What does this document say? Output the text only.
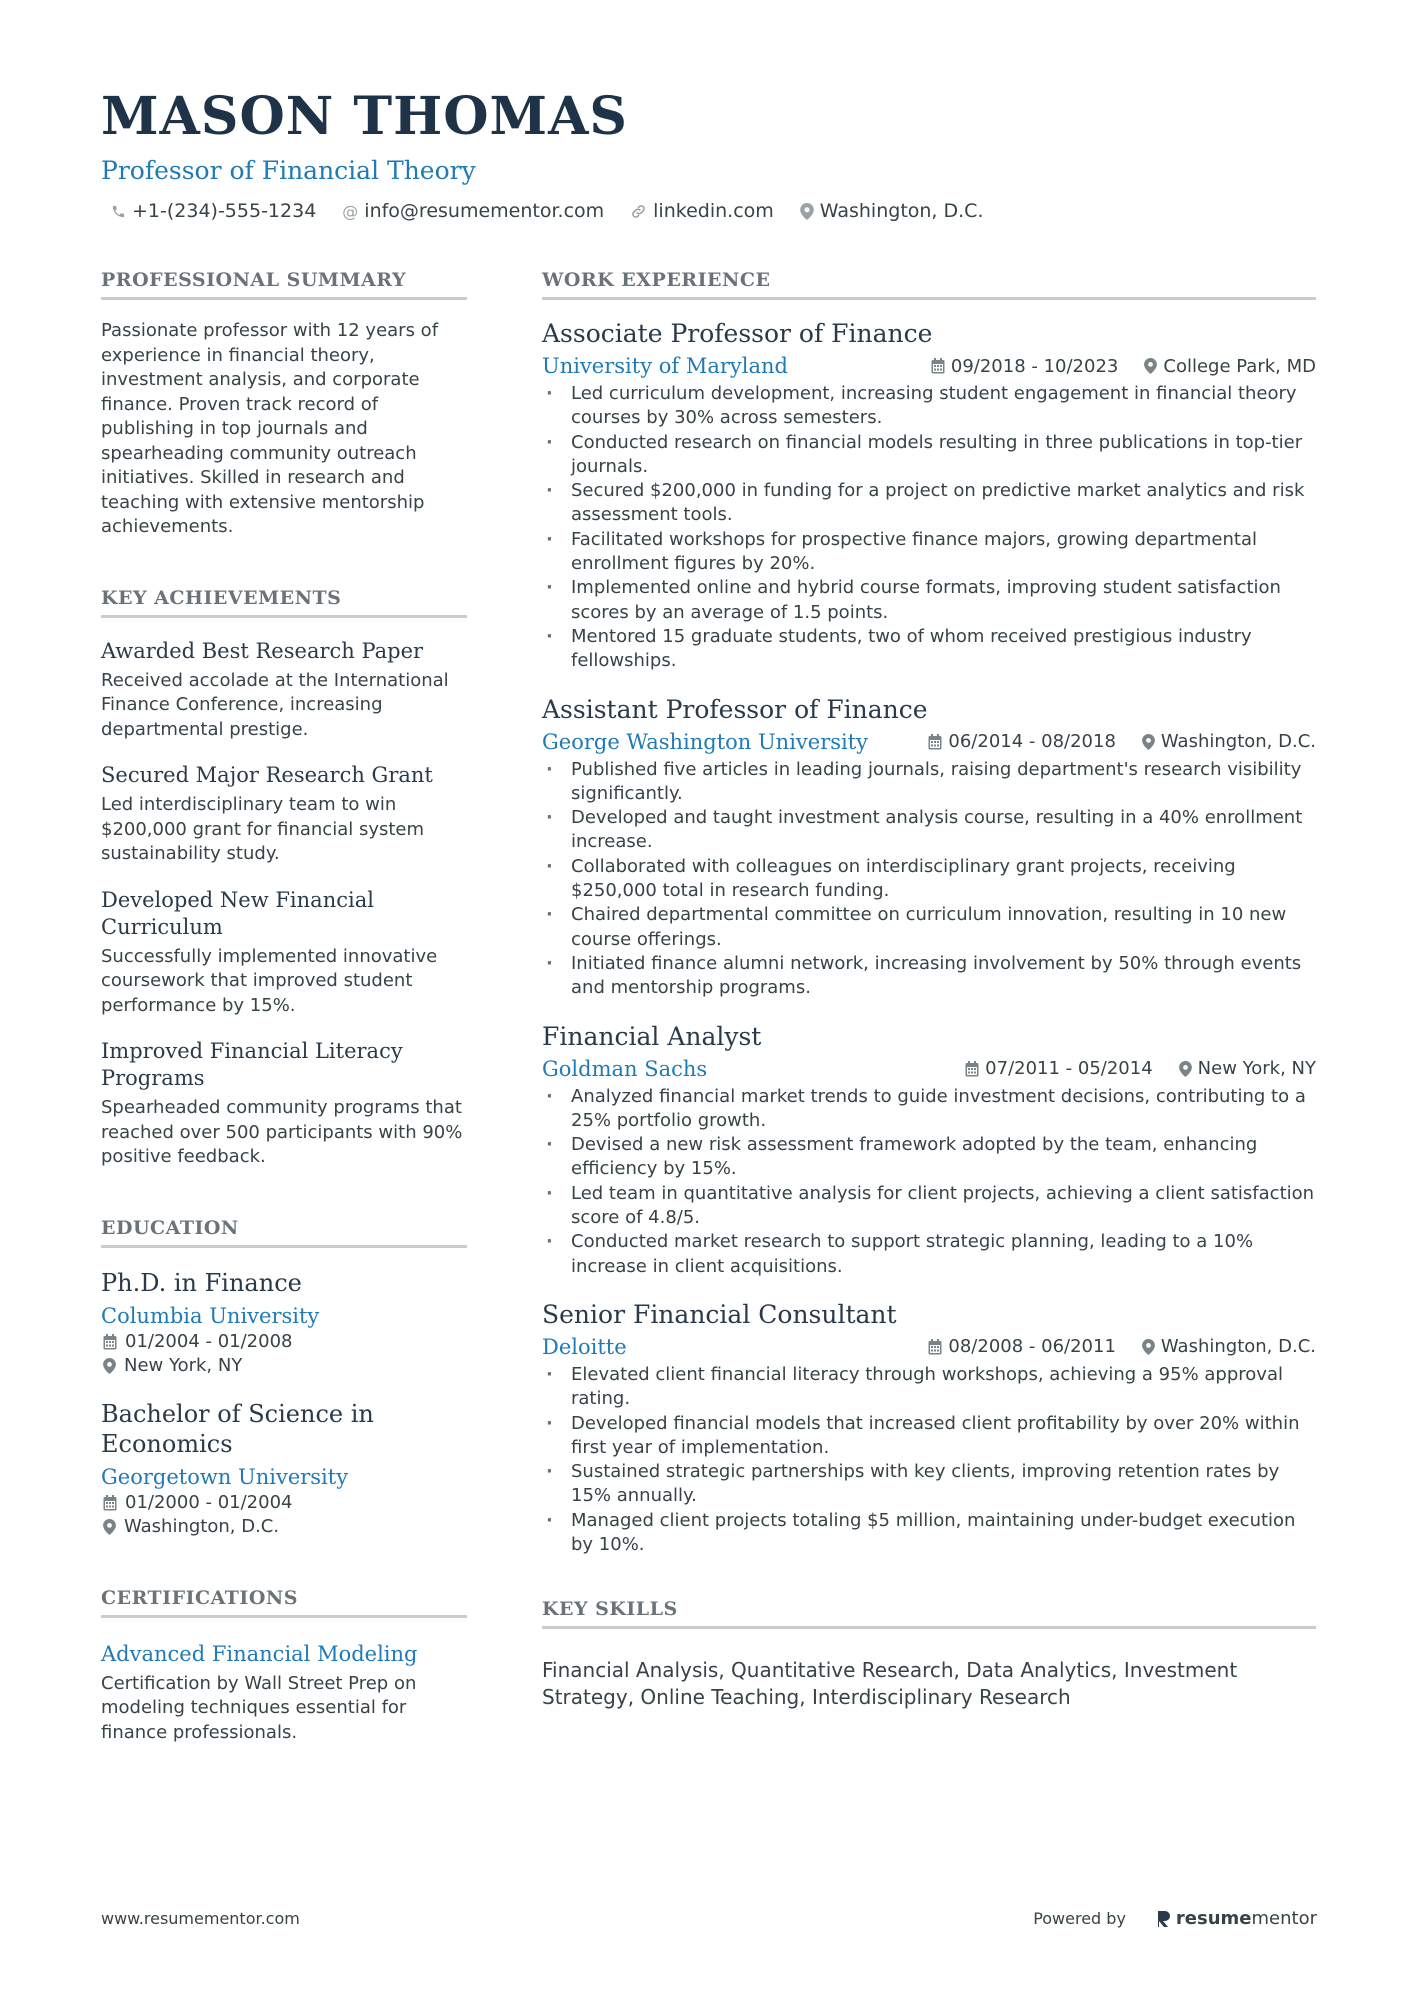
MASON THOMAS
Professor of Financial Theory
+1-(234)-555-1234 @ info@resumementor.com	linkedin.com Washington, D.C.
PROFESSIONAL SUMMARY
Passionate professor with 12 years of experience in financial theory, investment analysis, and corporate finance. Proven track record of publishing in top journals and spearheading community outreach initiatives. Skilled in research and teaching with extensive mentorship achievements.
KEY ACHIEVEMENTS
Awarded Best Research Paper
Received accolade at the International Finance Conference, increasing departmental prestige.
Secured Major Research Grant
Led interdisciplinary team to win $200,000 grant for financial system sustainability study.
Developed New Financial Curriculum
Successfully implemented innovative coursework that improved student performance by 15%.
Improved Financial Literacy Programs
Spearheaded community programs that reached over 500 participants with 90% positive feedback.
EDUCATION
Ph.D. in Finance
Columbia University
01/2004 - 01/2008
New York, NY
Bachelor of Science in Economics
Georgetown University
01/2000 - 01/2004
Washington, D.C.
CERTIFICATIONS
Advanced Financial Modeling
Certification by Wall Street Prep on modeling techniques essential for finance professionals.
WORK EXPERIENCE
Associate Professor of Finance
University of Maryland	09/2018 - 10/2023	College Park, MD
· Led curriculum development, increasing student engagement in financial theory courses by 30% across semesters.
· Conducted research on financial models resulting in three publications in top-tier journals.
· Secured $200,000 in funding for a project on predictive market analytics and risk assessment tools.
· Facilitated workshops for prospective finance majors, growing departmental enrollment figures by 20%.
· Implemented online and hybrid course formats, improving student satisfaction scores by an average of 1.5 points.
· Mentored 15 graduate students, two of whom received prestigious industry fellowships.
Assistant Professor of Finance
George Washington University	06/2014 - 08/2018	Washington, D.C.
· Published five articles in leading journals, raising department's research visibility significantly.
· Developed and taught investment analysis course, resulting in a 40% enrollment increase.
· Collaborated with colleagues on interdisciplinary grant projects, receiving $250,000 total in research funding.
· Chaired departmental committee on curriculum innovation, resulting in 10 new course offerings.
· Initiated finance alumni network, increasing involvement by 50% through events and mentorship programs.
Financial Analyst
Goldman Sachs	07/2011 - 05/2014	New York, NY
· Analyzed financial market trends to guide investment decisions, contributing to a 25% portfolio growth.
· Devised a new risk assessment framework adopted by the team, enhancing efficiency by 15%.
· Led team in quantitative analysis for client projects, achieving a client satisfaction score of 4.8/5.
· Conducted market research to support strategic planning, leading to a 10% increase in client acquisitions.
Senior Financial Consultant
Deloitte	08/2008 - 06/2011	Washington, D.C.
· Elevated client financial literacy through workshops, achieving a 95% approval rating.
· Developed financial models that increased client profitability by over 20% within first year of implementation.
· Sustained strategic partnerships with key clients, improving retention rates by 15% annually.
· Managed client projects totaling $5 million, maintaining under-budget execution by 10%.
KEY SKILLS
Financial Analysis, Quantitative Research, Data Analytics, Investment Strategy, Online Teaching, Interdisciplinary Research
www.resumementor.com	Powered by	resume mentor
